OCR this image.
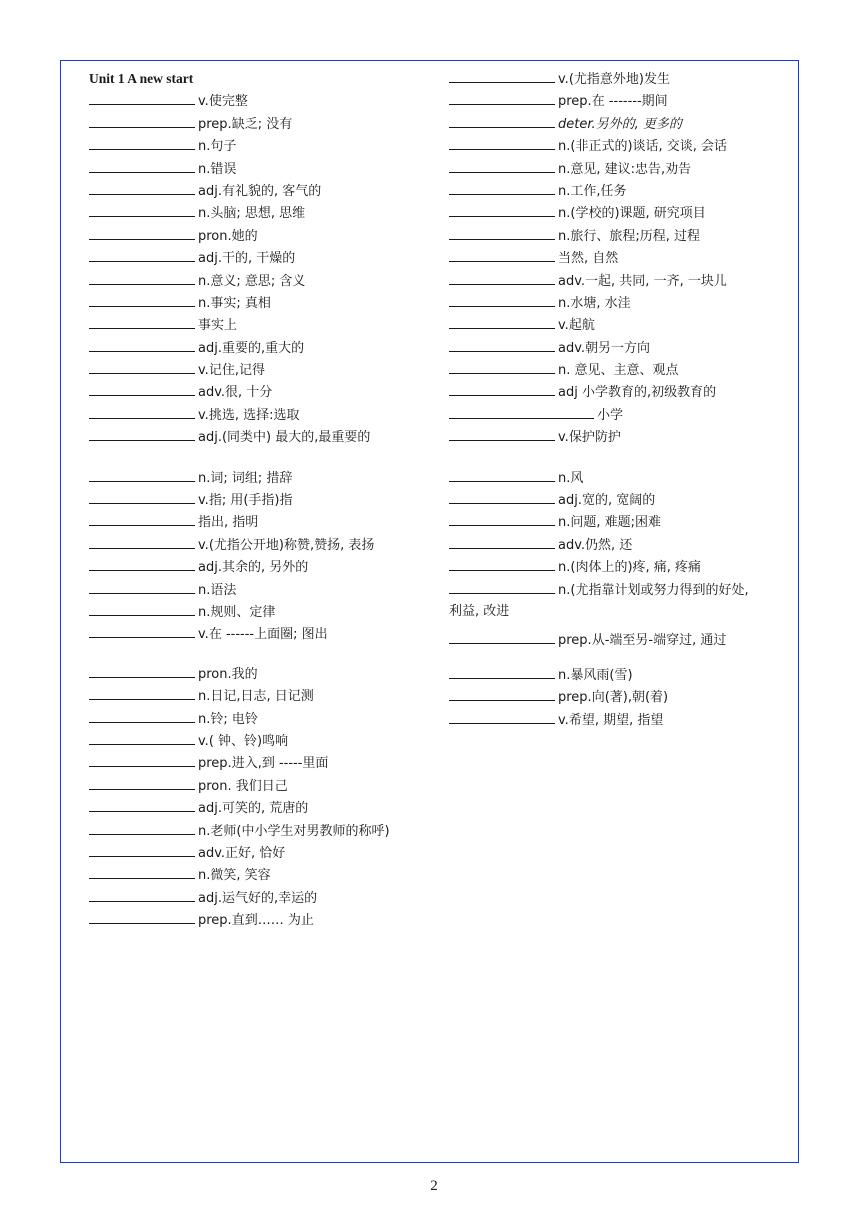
Unit 1 A new start
v.使完整
prep.缺乏; 没有
n.句子
n.错误
adj.有礼貌的, 客气的
n.头脑; 思想, 思维
pron.她的
adj.干的, 干燥的
n.意义; 意思; 含义
n.事实; 真相
事实上
adj.重要的,重大的
v.记住,记得
adv.很, 十分
v.挑选, 选择:选取
adj.(同类中) 最大的,最重要的
n.词; 词组; 措辞
v.指; 用(手指)指
指出, 指明
v.(尤指公开地)称赞,赞扬, 表扬
adj.其余的, 另外的
n.语法
n.规则、定律
v.在 ------上面圈; 图出
pron.我的
n.日记,日志, 日记测
n.铃; 电铃
v.( 钟、铃)鸣响
prep.进入,到 -----里面
pron. 我们日己
adj.可笑的, 荒唐的
n.老师(中小学生对男教师的称呼)
adv.正好, 恰好
n.微笑, 笑容
adj.运气好的,幸运的
prep.直到…… 为止
v.(尤指意外地)发生
prep.在 -------期间
deter.另外的, 更多的
n.(非正式的)谈话, 交谈, 会话
n.意见, 建议:忠告,劝告
n.工作,任务
n.(学校的)课题, 研究项目
n.旅行、旅程;历程, 过程
当然, 自然
adv.一起, 共同, 一齐, 一块儿
n.水塘, 水洼
v.起航
adv.朝另一方向
n. 意见、主意、观点
adj 小学教育的,初级教育的
小学
v.保护防护
n.风
adj.宽的, 宽阔的
n.问题, 难题;困难
adv.仍然, 还
n.(肉体上的)疼, 痛, 疼痛
n.(尤指靠计划或努力得到的好处,
利益, 改进
prep.从-端至另-端穿过, 通过
n.暴风雨(雪)
prep.向(著),朝(着)
v.希望, 期望, 指望
2
